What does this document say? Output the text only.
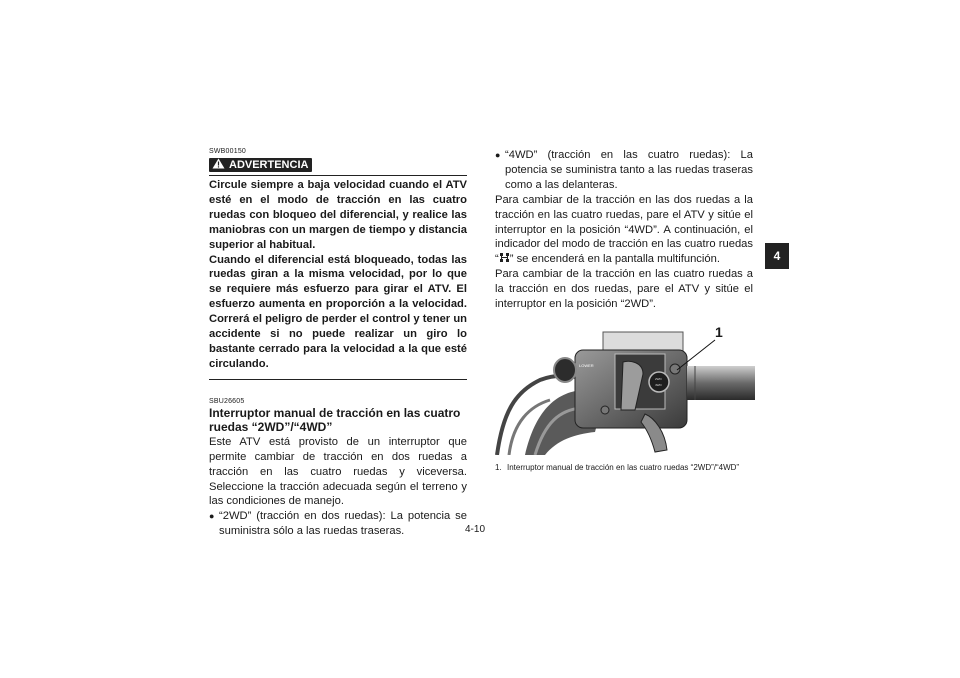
SWB00150
ADVERTENCIA

Circule siempre a baja velocidad cuando el ATV esté en el modo de tracción en las cuatro ruedas con bloqueo del diferencial, y realice las maniobras con un margen de tiempo y distancia superior al habitual.

Cuando el diferencial está bloqueado, todas las ruedas giran a la misma velocidad, por lo que se requiere más esfuerzo para girar el ATV. El esfuerzo aumenta en proporción a la velocidad. Correrá el peligro de perder el control y tener un accidente si no puede realizar un giro lo bastante cerrado para la velocidad a la que esté circulando.

SBU26605
Interruptor manual de tracción en las cuatro ruedas “2WD”/“4WD”

Este ATV está provisto de un interruptor que permite cambiar de tracción en dos ruedas a tracción en las cuatro ruedas y viceversa. Seleccione la tracción adecuada según el terreno y las condiciones de manejo.

● “2WD” (tracción en dos ruedas): La potencia se suministra sólo a las ruedas traseras.
● “4WD” (tracción en las cuatro ruedas): La potencia se suministra tanto a las ruedas traseras como a las delanteras.

Para cambiar de la tracción en las dos ruedas a la tracción en las cuatro ruedas, pare el ATV y sitúe el interruptor en la posición “4WD”. A continuación, el indicador del modo de tracción en las cuatro ruedas “ ” se encenderá en la pantalla multifunción.

Para cambiar de la tracción en las cuatro ruedas a la tracción en dos ruedas, pare el ATV y sitúe el interruptor en la posición “2WD”.

2WD
4WD
LOWER
1
1. Interruptor manual de tracción en las cuatro ruedas “2WD”/“4WD”
4-10
4
